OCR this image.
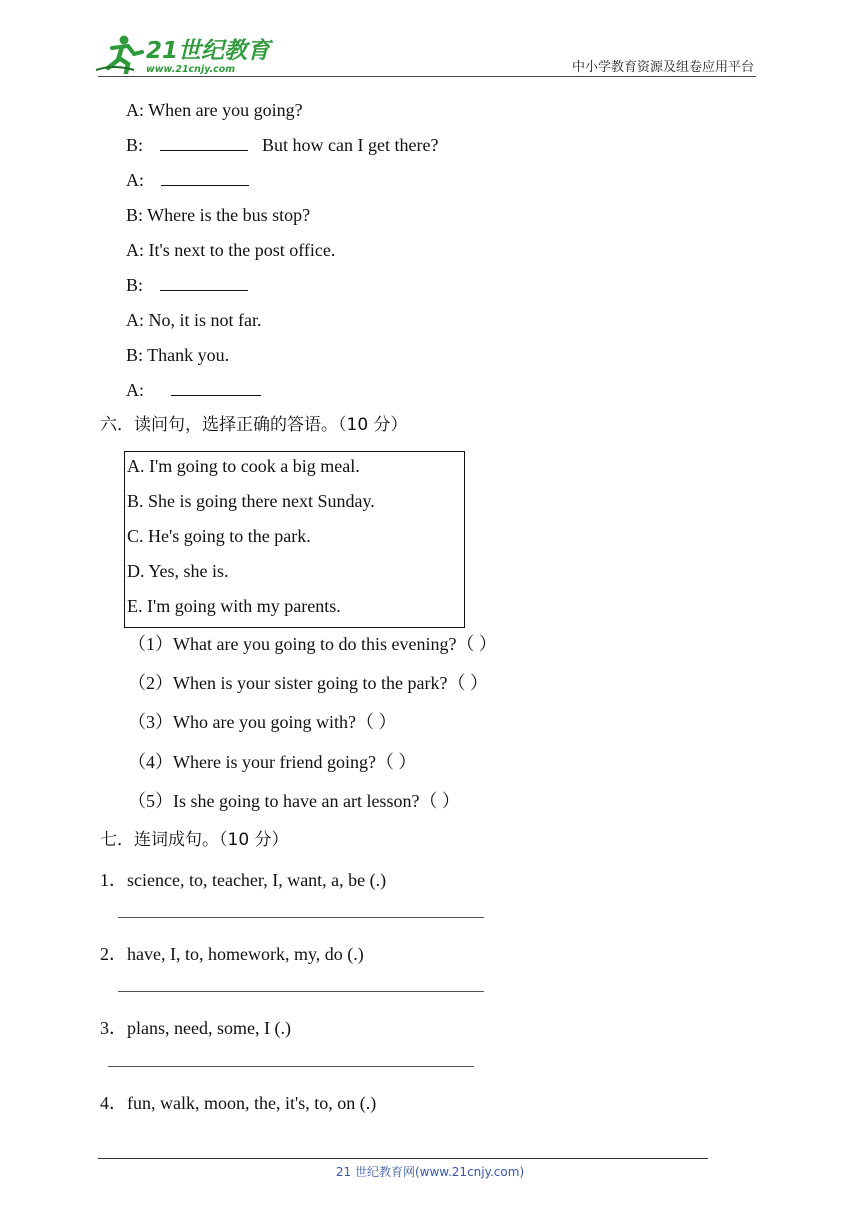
21世纪教育
www.21cnjy.com	中小学教育资源及组卷应用平台
A: When are you going?
B:	But how can I get there?
A:
B: Where is the bus stop?
A: It's next to the post office.
B:
A: No, it is not far.
B: Thank you.
A:
六．读问句，选择正确的答语。（10 分）
A. I'm going to cook a big meal.
B. She is going there next Sunday.
C. He's going to the park.
D. Yes, she is.
E. I'm going with my parents.
（1）What are you going to do this evening?（ ）
（2）When is your sister going to the park?（ ）
（3）Who are you going with?（ ）
（4）Where is your friend going?（ ）
（5）Is she going to have an art lesson?（ ）
七．连词成句。（10 分）
1．science, to, teacher, I, want, a, be (.)
2．have, I, to, homework, my, do (.)
3．plans, need, some, I (.)
4．fun, walk, moon, the, it's, to, on (.)
21 世纪教育网(www.21cnjy.com)
